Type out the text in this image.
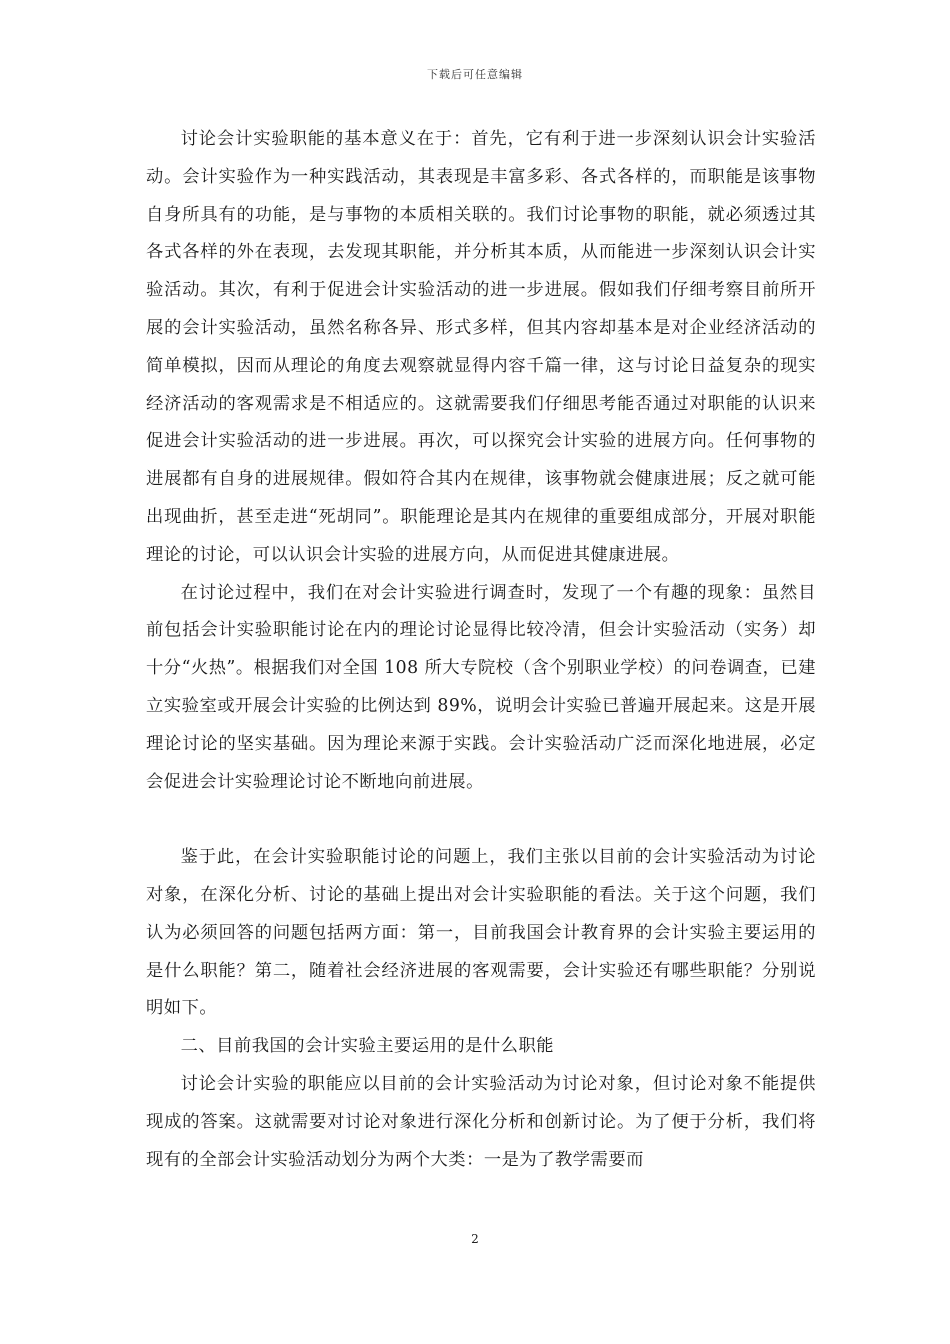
下载后可任意编辑

讨论会计实验职能的基本意义在于：首先，它有利于进一步深刻认识会计实验活动。会计实验作为一种实践活动，其表现是丰富多彩、各式各样的，而职能是该事物自身所具有的功能，是与事物的本质相关联的。我们讨论事物的职能，就必须透过其各式各样的外在表现，去发现其职能，并分析其本质，从而能进一步深刻认识会计实验活动。其次，有利于促进会计实验活动的进一步进展。假如我们仔细考察目前所开展的会计实验活动，虽然名称各异、形式多样，但其内容却基本是对企业经济活动的简单模拟，因而从理论的角度去观察就显得内容千篇一律，这与讨论日益复杂的现实经济活动的客观需求是不相适应的。这就需要我们仔细思考能否通过对职能的认识来促进会计实验活动的进一步进展。再次，可以探究会计实验的进展方向。任何事物的进展都有自身的进展规律。假如符合其内在规律，该事物就会健康进展；反之就可能出现曲折，甚至走进“死胡同”。职能理论是其内在规律的重要组成部分，开展对职能理论的讨论，可以认识会计实验的进展方向，从而促进其健康进展。

在讨论过程中，我们在对会计实验进行调查时，发现了一个有趣的现象：虽然目前包括会计实验职能讨论在内的理论讨论显得比较冷清，但会计实验活动（实务）却十分“火热”。根据我们对全国 108 所大专院校（含个别职业学校）的问卷调查，已建立实验室或开展会计实验的比例达到 89%，说明会计实验已普遍开展起来。这是开展理论讨论的坚实基础。因为理论来源于实践。会计实验活动广泛而深化地进展，必定会促进会计实验理论讨论不断地向前进展。

鉴于此，在会计实验职能讨论的问题上，我们主张以目前的会计实验活动为讨论对象，在深化分析、讨论的基础上提出对会计实验职能的看法。关于这个问题，我们认为必须回答的问题包括两方面：第一，目前我国会计教育界的会计实验主要运用的是什么职能？第二，随着社会经济进展的客观需要，会计实验还有哪些职能？分别说明如下。

二、目前我国的会计实验主要运用的是什么职能

讨论会计实验的职能应以目前的会计实验活动为讨论对象，但讨论对象不能提供现成的答案。这就需要对讨论对象进行深化分析和创新讨论。为了便于分析，我们将现有的全部会计实验活动划分为两个大类：一是为了教学需要而

2
